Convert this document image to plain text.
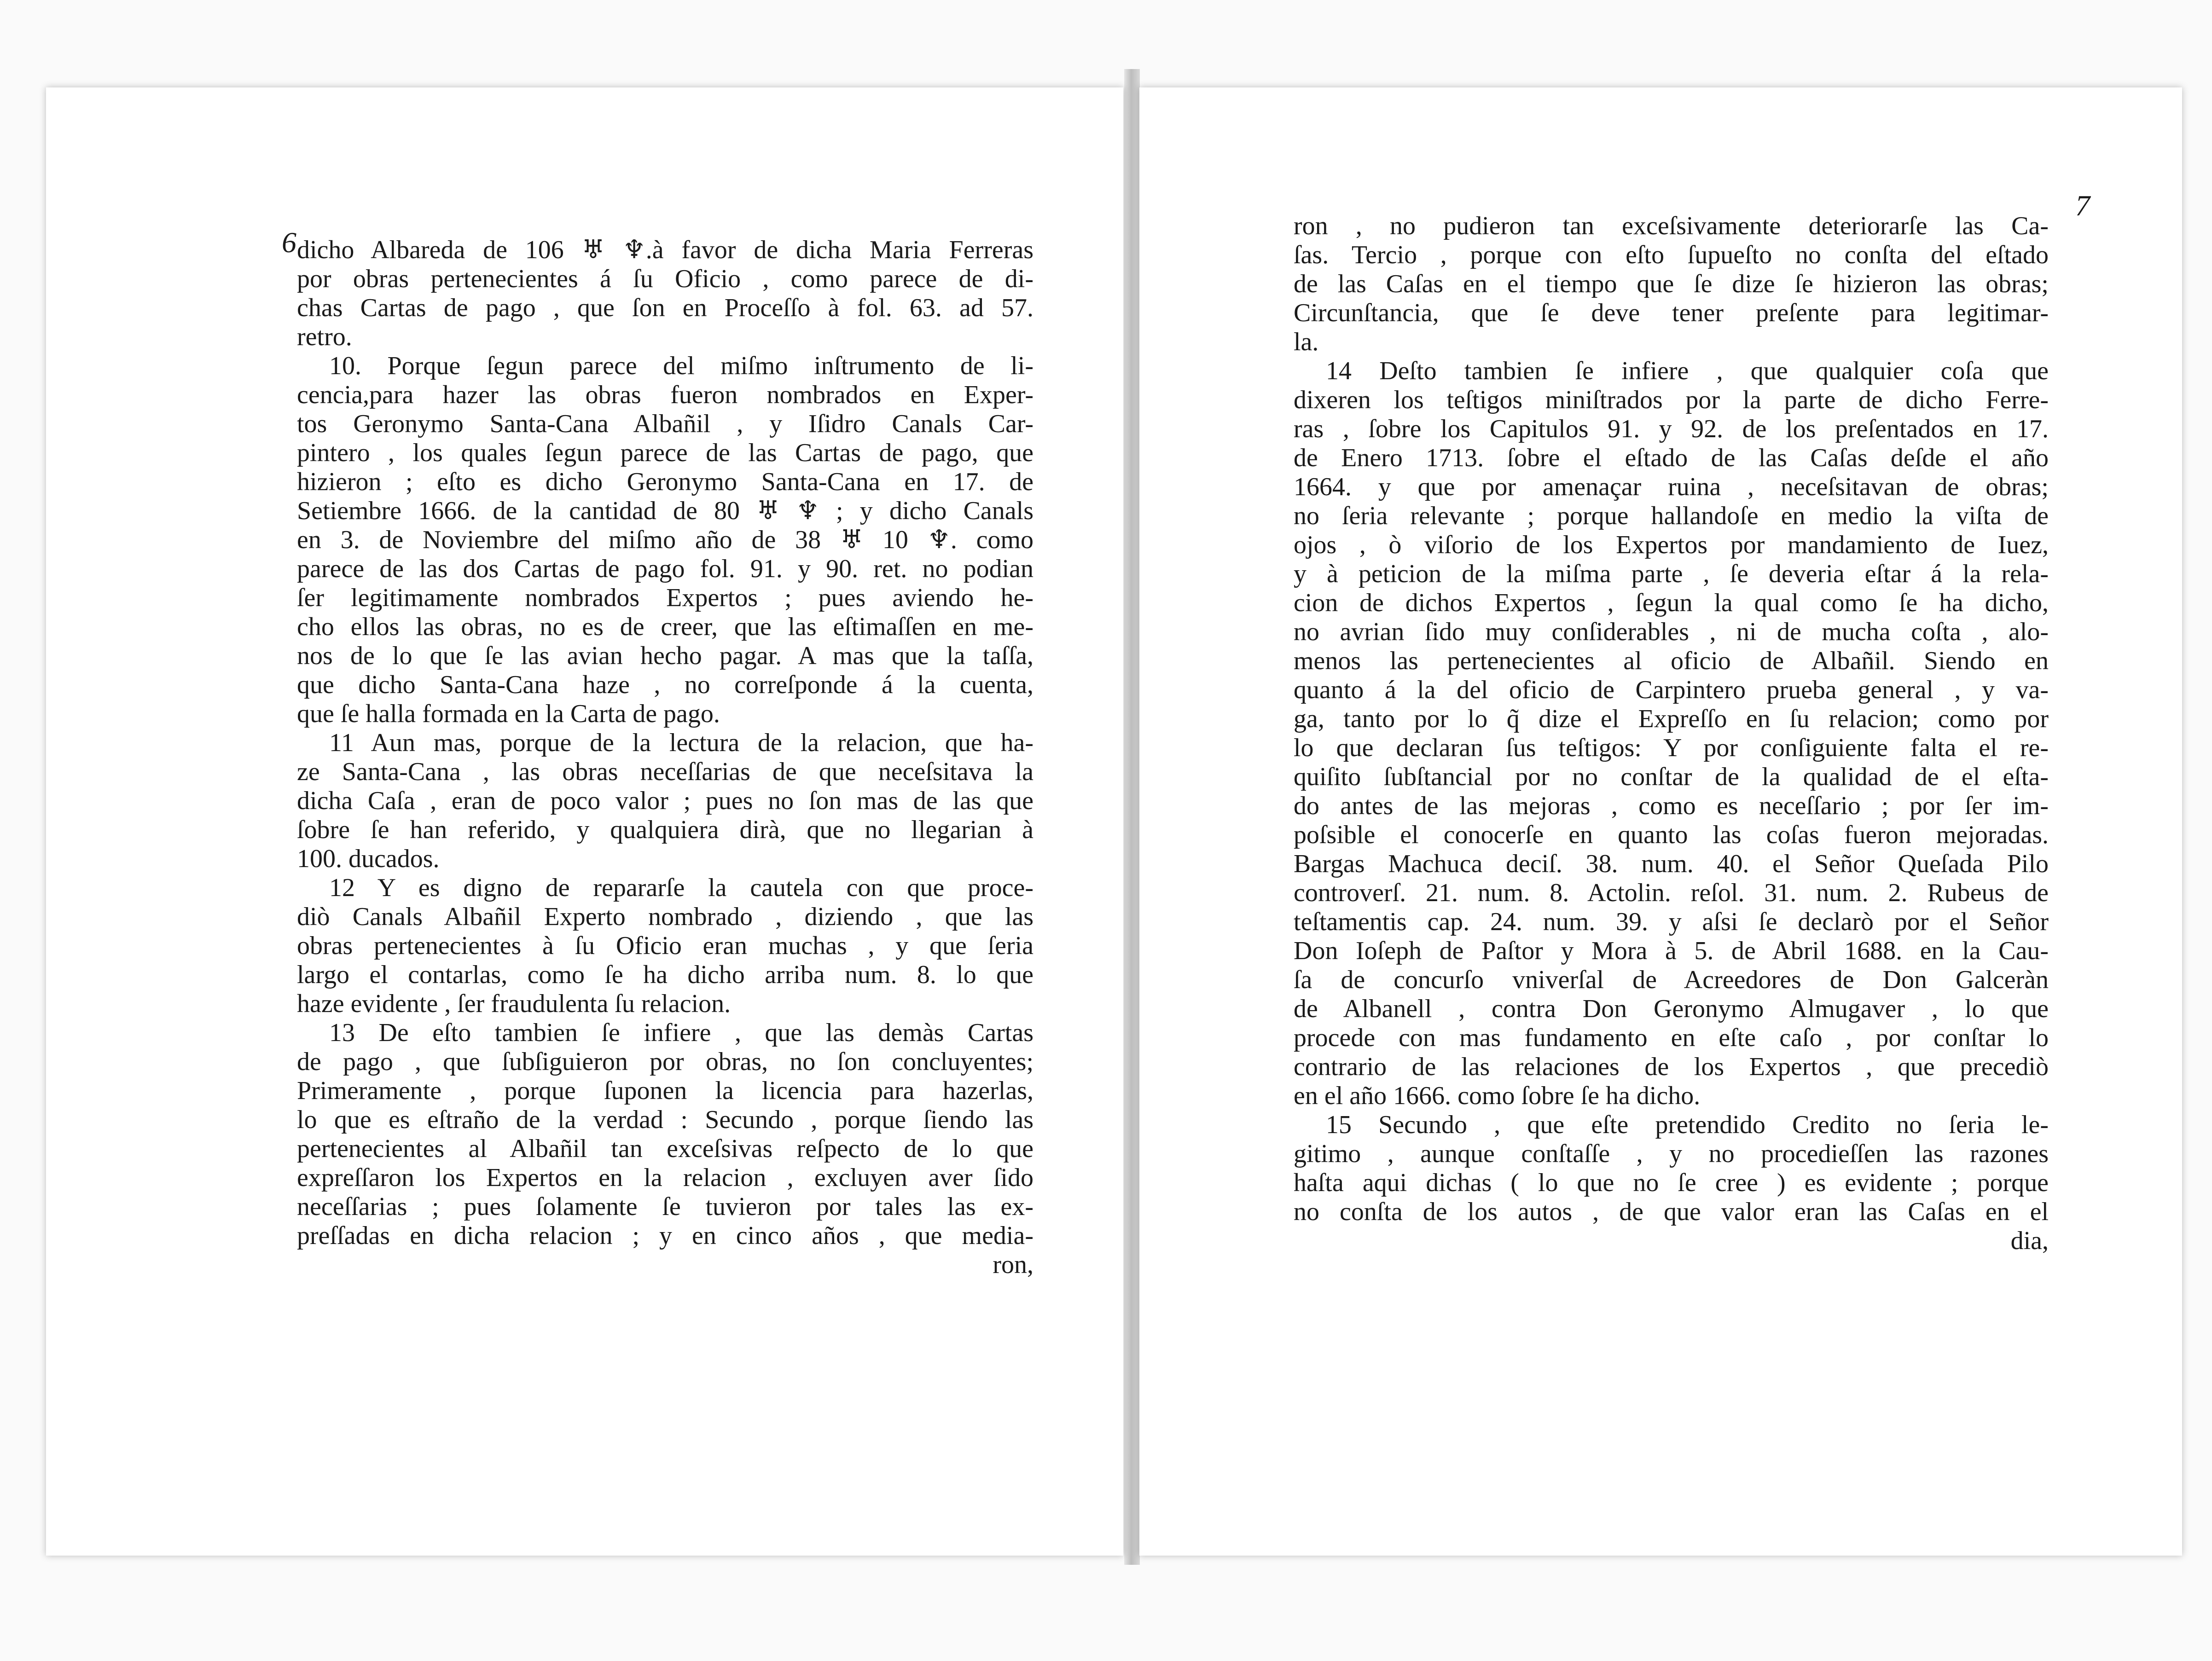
6 dicho Albareda de 106 ♅ ♆.à favor de dicha Maria Ferreras
por obras pertenecientes á ſu Oficio , como parece de di-
chas Cartas de pago , que ſon en Proceſſo à fol. 63. ad 57.
retro.
10. Porque ſegun parece del miſmo inſtrumento de li-
cencia,para hazer las obras fueron nombrados en Exper-
tos Geronymo Santa-Cana Albañil , y Iſidro Canals Car-
pintero , los quales ſegun parece de las Cartas de pago, que
hizieron ; eſto es dicho Geronymo Santa-Cana en 17. de
Setiembre 1666. de la cantidad de 80 ♅ ♆ ; y dicho Canals
en 3. de Noviembre del miſmo año de 38 ♅ 10 ♆. como
parece de las dos Cartas de pago fol. 91. y 90. ret. no podian
ſer legitimamente nombrados Expertos ; pues aviendo he-
cho ellos las obras, no es de creer, que las eſtimaſſen en me-
nos de lo que ſe las avian hecho pagar. A mas que la taſſa,
que dicho Santa-Cana haze , no correſponde á la cuenta,
que ſe halla formada en la Carta de pago.
11 Aun mas, porque de la lectura de la relacion, que ha-
ze Santa-Cana , las obras neceſſarias de que neceſsitava la
dicha Caſa , eran de poco valor ; pues no ſon mas de las que
ſobre ſe han referido, y qualquiera dirà, que no llegarian à
100. ducados.
12 Y es digno de repararſe la cautela con que proce-
diò Canals Albañil Experto nombrado , diziendo , que las
obras pertenecientes à ſu Oficio eran muchas , y que ſeria
largo el contarlas, como ſe ha dicho arriba num. 8. lo que
haze evidente , ſer fraudulenta ſu relacion.
13 De eſto tambien ſe infiere , que las demàs Cartas
de pago , que ſubſiguieron por obras, no ſon concluyentes;
Primeramente , porque ſuponen la licencia para hazerlas,
lo que es eſtraño de la verdad : Secundo , porque ſiendo las
pertenecientes al Albañil tan exceſsivas reſpecto de lo que
expreſſaron los Expertos en la relacion , excluyen aver ſido
neceſſarias ; pues ſolamente ſe tuvieron por tales las ex-
preſſadas en dicha relacion ; y en cinco años , que media-
ron,
7
ron , no pudieron tan exceſsivamente deteriorarſe las Ca-
ſas. Tercio , porque con eſto ſupueſto no conſta del eſtado
de las Caſas en el tiempo que ſe dize ſe hizieron las obras;
Circunſtancia, que ſe deve tener preſente para legitimar-
la.
14 Deſto tambien ſe infiere , que qualquier coſa que
dixeren los teſtigos miniſtrados por la parte de dicho Ferre-
ras , ſobre los Capitulos 91. y 92. de los preſentados en 17.
de Enero 1713. ſobre el eſtado de las Caſas deſde el año
1664. y que por amenaçar ruina , neceſsitavan de obras;
no ſeria relevante ; porque hallandoſe en medio la viſta de
ojos , ò viſorio de los Expertos por mandamiento de Iuez,
y à peticion de la miſma parte , ſe deveria eſtar á la rela-
cion de dichos Expertos , ſegun la qual como ſe ha dicho,
no avrian ſido muy conſiderables , ni de mucha coſta , alo-
menos las pertenecientes al oficio de Albañil. Siendo en
quanto á la del oficio de Carpintero prueba general , y va-
ga, tanto por lo q̃ dize el Expreſſo en ſu relacion; como por
lo que declaran ſus teſtigos: Y por conſiguiente falta el re-
quiſito ſubſtancial por no conſtar de la qualidad de el eſta-
do antes de las mejoras , como es neceſſario ; por ſer im-
poſsible el conocerſe en quanto las coſas fueron mejoradas.
Bargas Machuca deciſ. 38. num. 40. el Señor Queſada Pilo
controverſ. 21. num. 8. Actolin. reſol. 31. num. 2. Rubeus de
teſtamentis cap. 24. num. 39. y aſsi ſe declarò por el Señor
Don Ioſeph de Paſtor y Mora à 5. de Abril 1688. en la Cau-
ſa de concurſo vniverſal de Acreedores de Don Galceràn
de Albanell , contra Don Geronymo Almugaver , lo que
procede con mas fundamento en eſte caſo , por conſtar lo
contrario de las relaciones de los Expertos , que precediò
en el año 1666. como ſobre ſe ha dicho.
15 Secundo , que eſte pretendido Credito no ſeria le-
gitimo , aunque conſtaſſe , y no procedieſſen las razones
haſta aqui dichas ( lo que no ſe cree ) es evidente ; porque
no conſta de los autos , de que valor eran las Caſas en el
dia,
